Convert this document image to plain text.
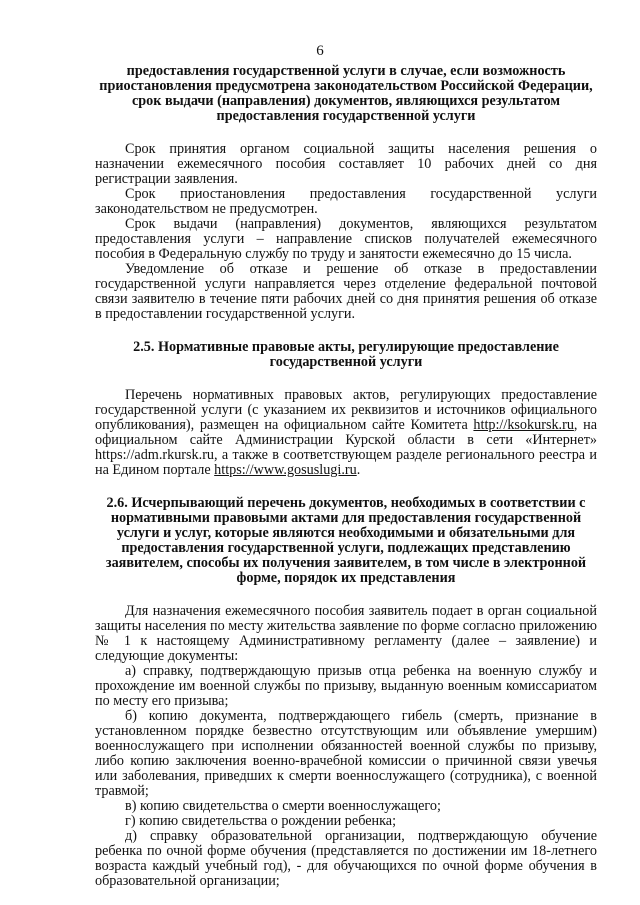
6

предоставления государственной услуги в случае, если возможность приостановления предусмотрена законодательством Российской Федерации, срок выдачи (направления) документов, являющихся результатом предоставления государственной услуги

Срок принятия органом социальной защиты населения решения о назначении ежемесячного пособия составляет 10 рабочих дней со дня регистрации заявления.

Срок приостановления предоставления государственной услуги законодательством не предусмотрен.

Срок выдачи (направления) документов, являющихся результатом предоставления услуги – направление списков получателей ежемесячного пособия в Федеральную службу по труду и занятости ежемесячно до 15 числа.

Уведомление об отказе и решение об отказе в предоставлении государственной услуги направляется через отделение федеральной почтовой связи заявителю в течение пяти рабочих дней со дня принятия решения об отказе в предоставлении государственной услуги.

2.5. Нормативные правовые акты, регулирующие предоставление государственной услуги

Перечень нормативных правовых актов, регулирующих предоставление государственной услуги (с указанием их реквизитов и источников официального опубликования), размещен на официальном сайте Комитета http://ksokursk.ru, на официальном сайте Администрации Курской области в сети «Интернет» https://adm.rkursk.ru, а также в соответствующем разделе регионального реестра и на Едином портале https://www.gosuslugi.ru.

2.6. Исчерпывающий перечень документов, необходимых в соответствии с нормативными правовыми актами для предоставления государственной услуги и услуг, которые являются необходимыми и обязательными для предоставления государственной услуги, подлежащих представлению заявителем, способы их получения заявителем, в том числе в электронной форме, порядок их представления

Для назначения ежемесячного пособия заявитель подает в орган социальной защиты населения по месту жительства заявление по форме согласно приложению № 1 к настоящему Административному регламенту (далее – заявление) и следующие документы:

а) справку, подтверждающую призыв отца ребенка на военную службу и прохождение им военной службы по призыву, выданную военным комиссариатом по месту его призыва;

б) копию документа, подтверждающего гибель (смерть, признание в установленном порядке безвестно отсутствующим или объявление умершим) военнослужащего при исполнении обязанностей военной службы по призыву, либо копию заключения военно-врачебной комиссии о причинной связи увечья или заболевания, приведших к смерти военнослужащего (сотрудника), с военной травмой;

в) копию свидетельства о смерти военнослужащего;

г) копию свидетельства о рождении ребенка;

д) справку образовательной организации, подтверждающую обучение ребенка по очной форме обучения (представляется по достижении им 18-летнего возраста каждый учебный год), - для обучающихся по очной форме обучения в образовательной организации;
